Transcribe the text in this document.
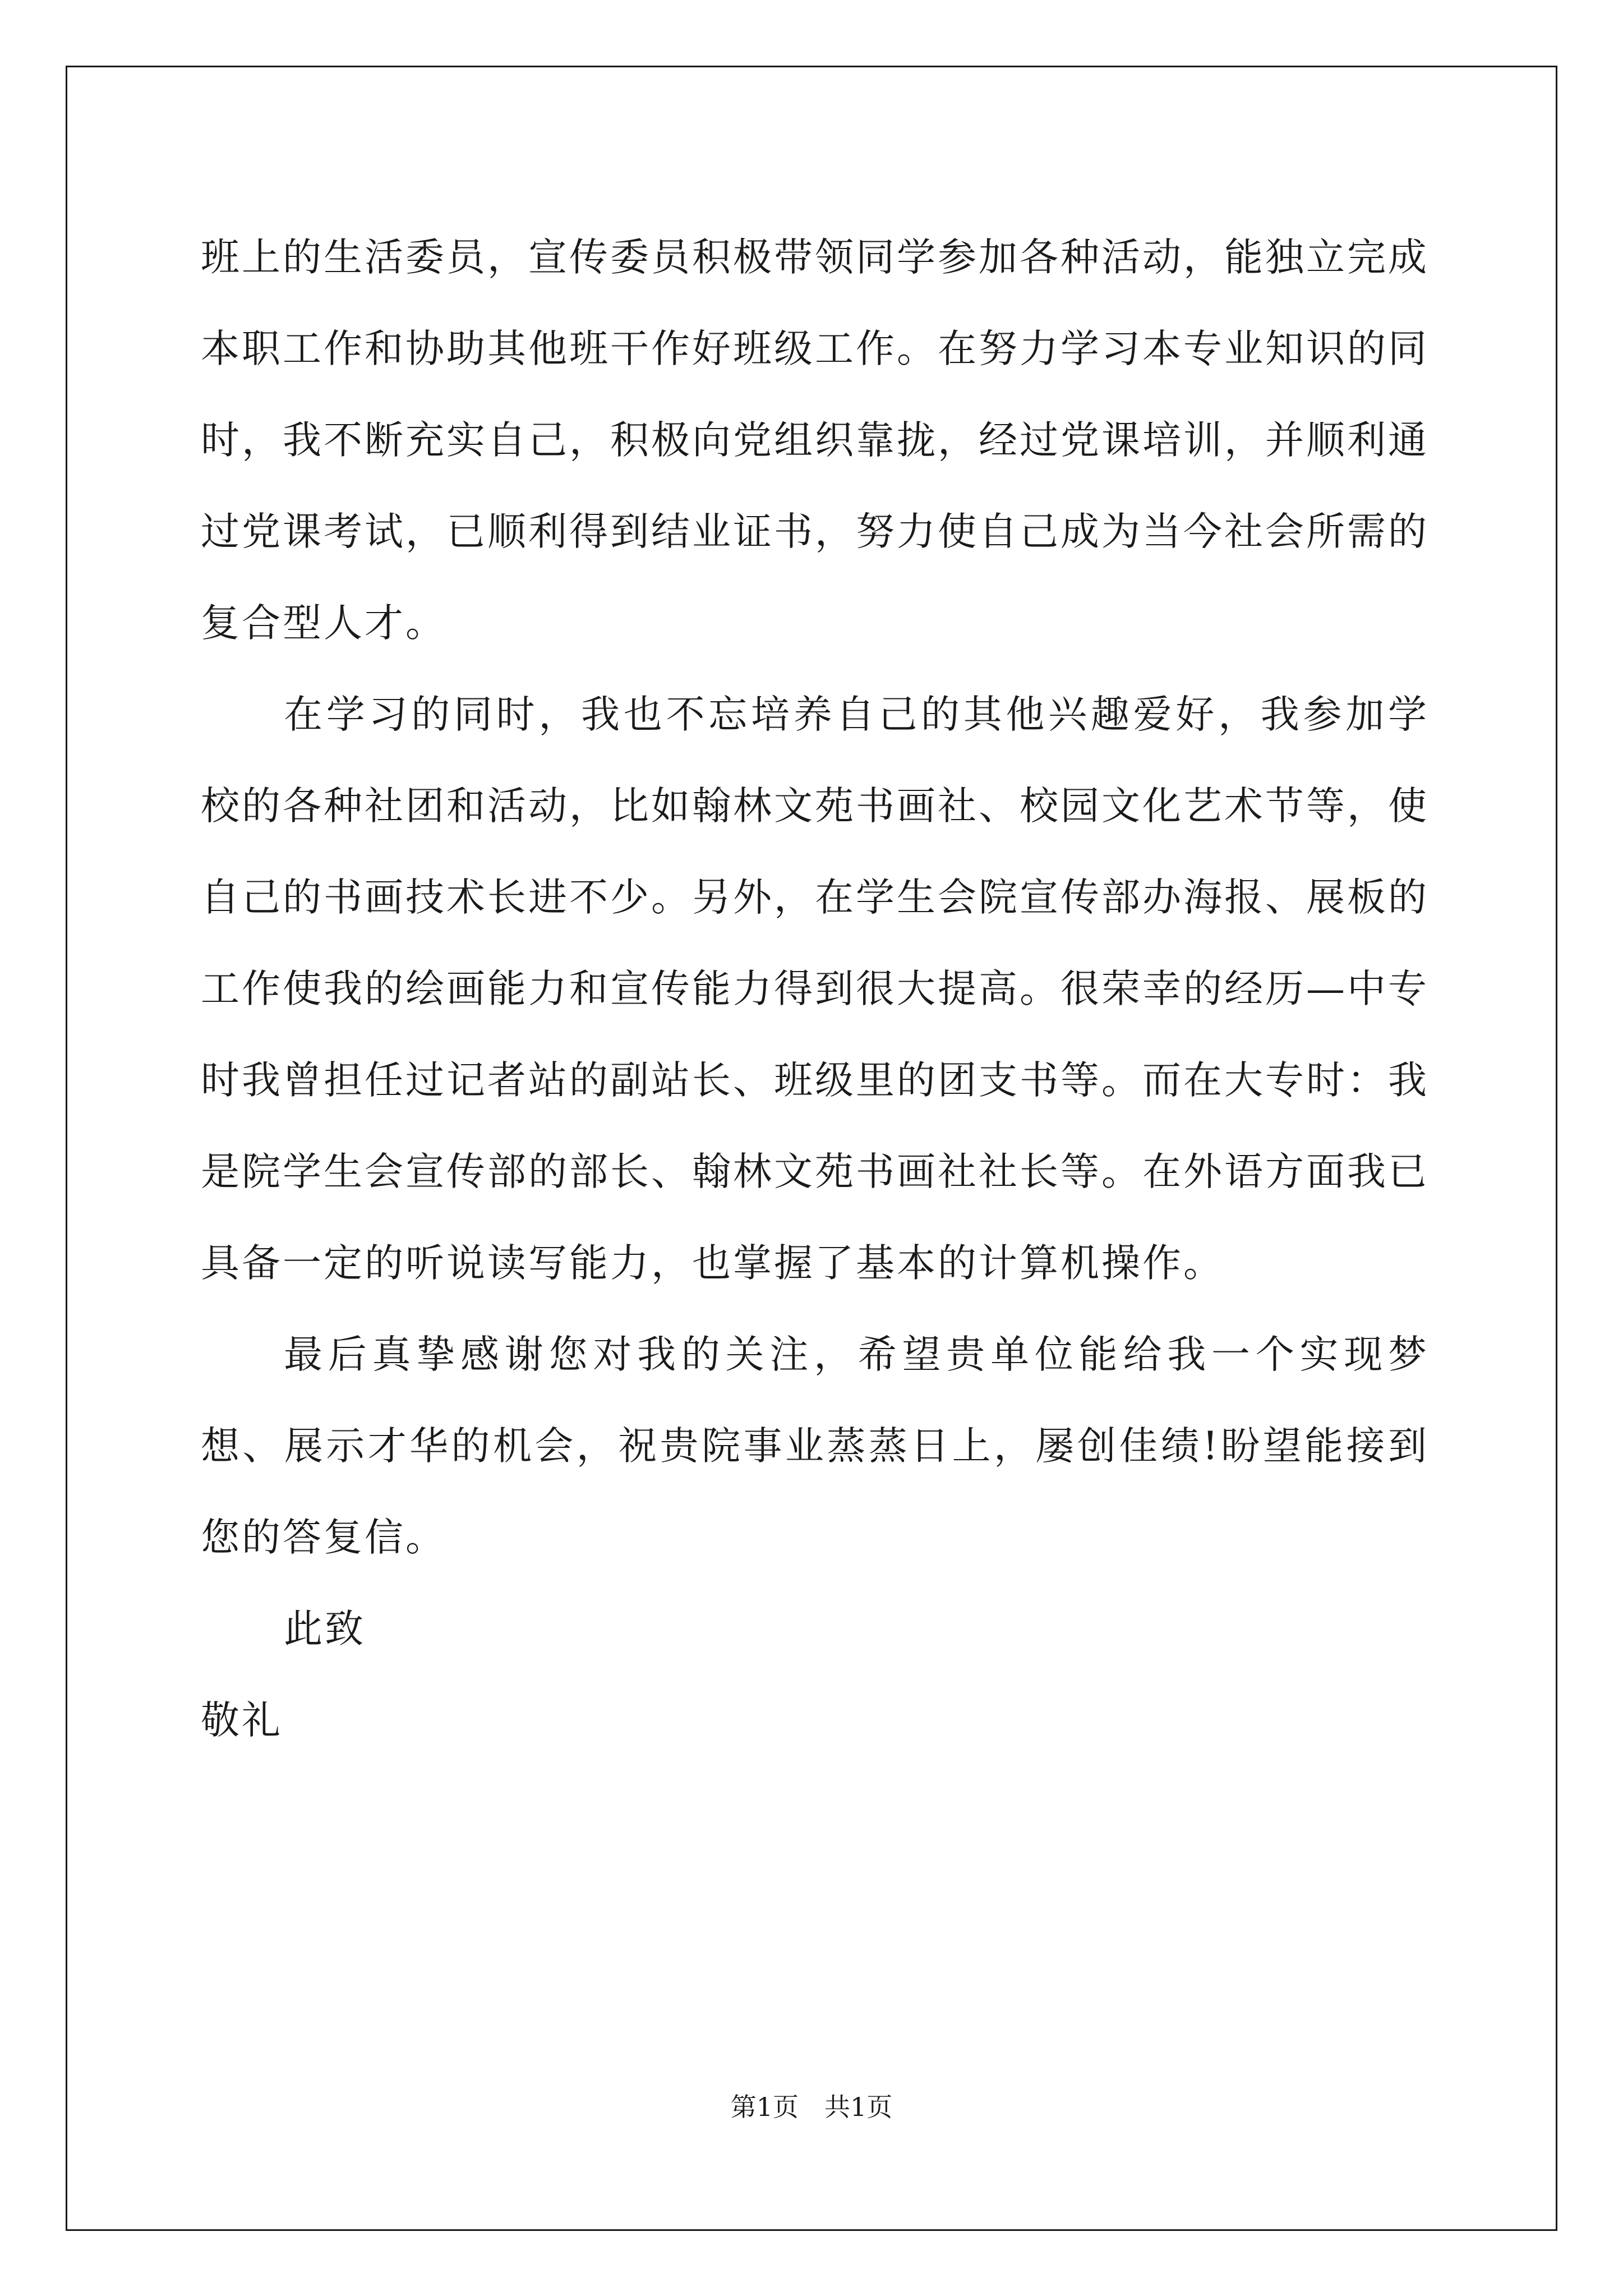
班上的生活委员，宣传委员积极带领同学参加各种活动，能独立完成本职工作和协助其他班干作好班级工作。在努力学习本专业知识的同时，我不断充实自己，积极向党组织靠拢，经过党课培训，并顺利通过党课考试，已顺利得到结业证书，努力使自己成为当今社会所需的复合型人才。

在学习的同时，我也不忘培养自己的其他兴趣爱好，我参加学校的各种社团和活动，比如翰林文苑书画社、校园文化艺术节等，使自己的书画技术长进不少。另外，在学生会院宣传部办海报、展板的工作使我的绘画能力和宣传能力得到很大提高。很荣幸的经历—中专时我曾担任过记者站的副站长、班级里的团支书等。而在大专时：我是院学生会宣传部的部长、翰林文苑书画社社长等。在外语方面我已具备一定的听说读写能力，也掌握了基本的计算机操作。

最后真挚感谢您对我的关注，希望贵单位能给我一个实现梦想、展示才华的机会，祝贵院事业蒸蒸日上，屡创佳绩!盼望能接到您的答复信。

此致

敬礼

第1页　共1页
